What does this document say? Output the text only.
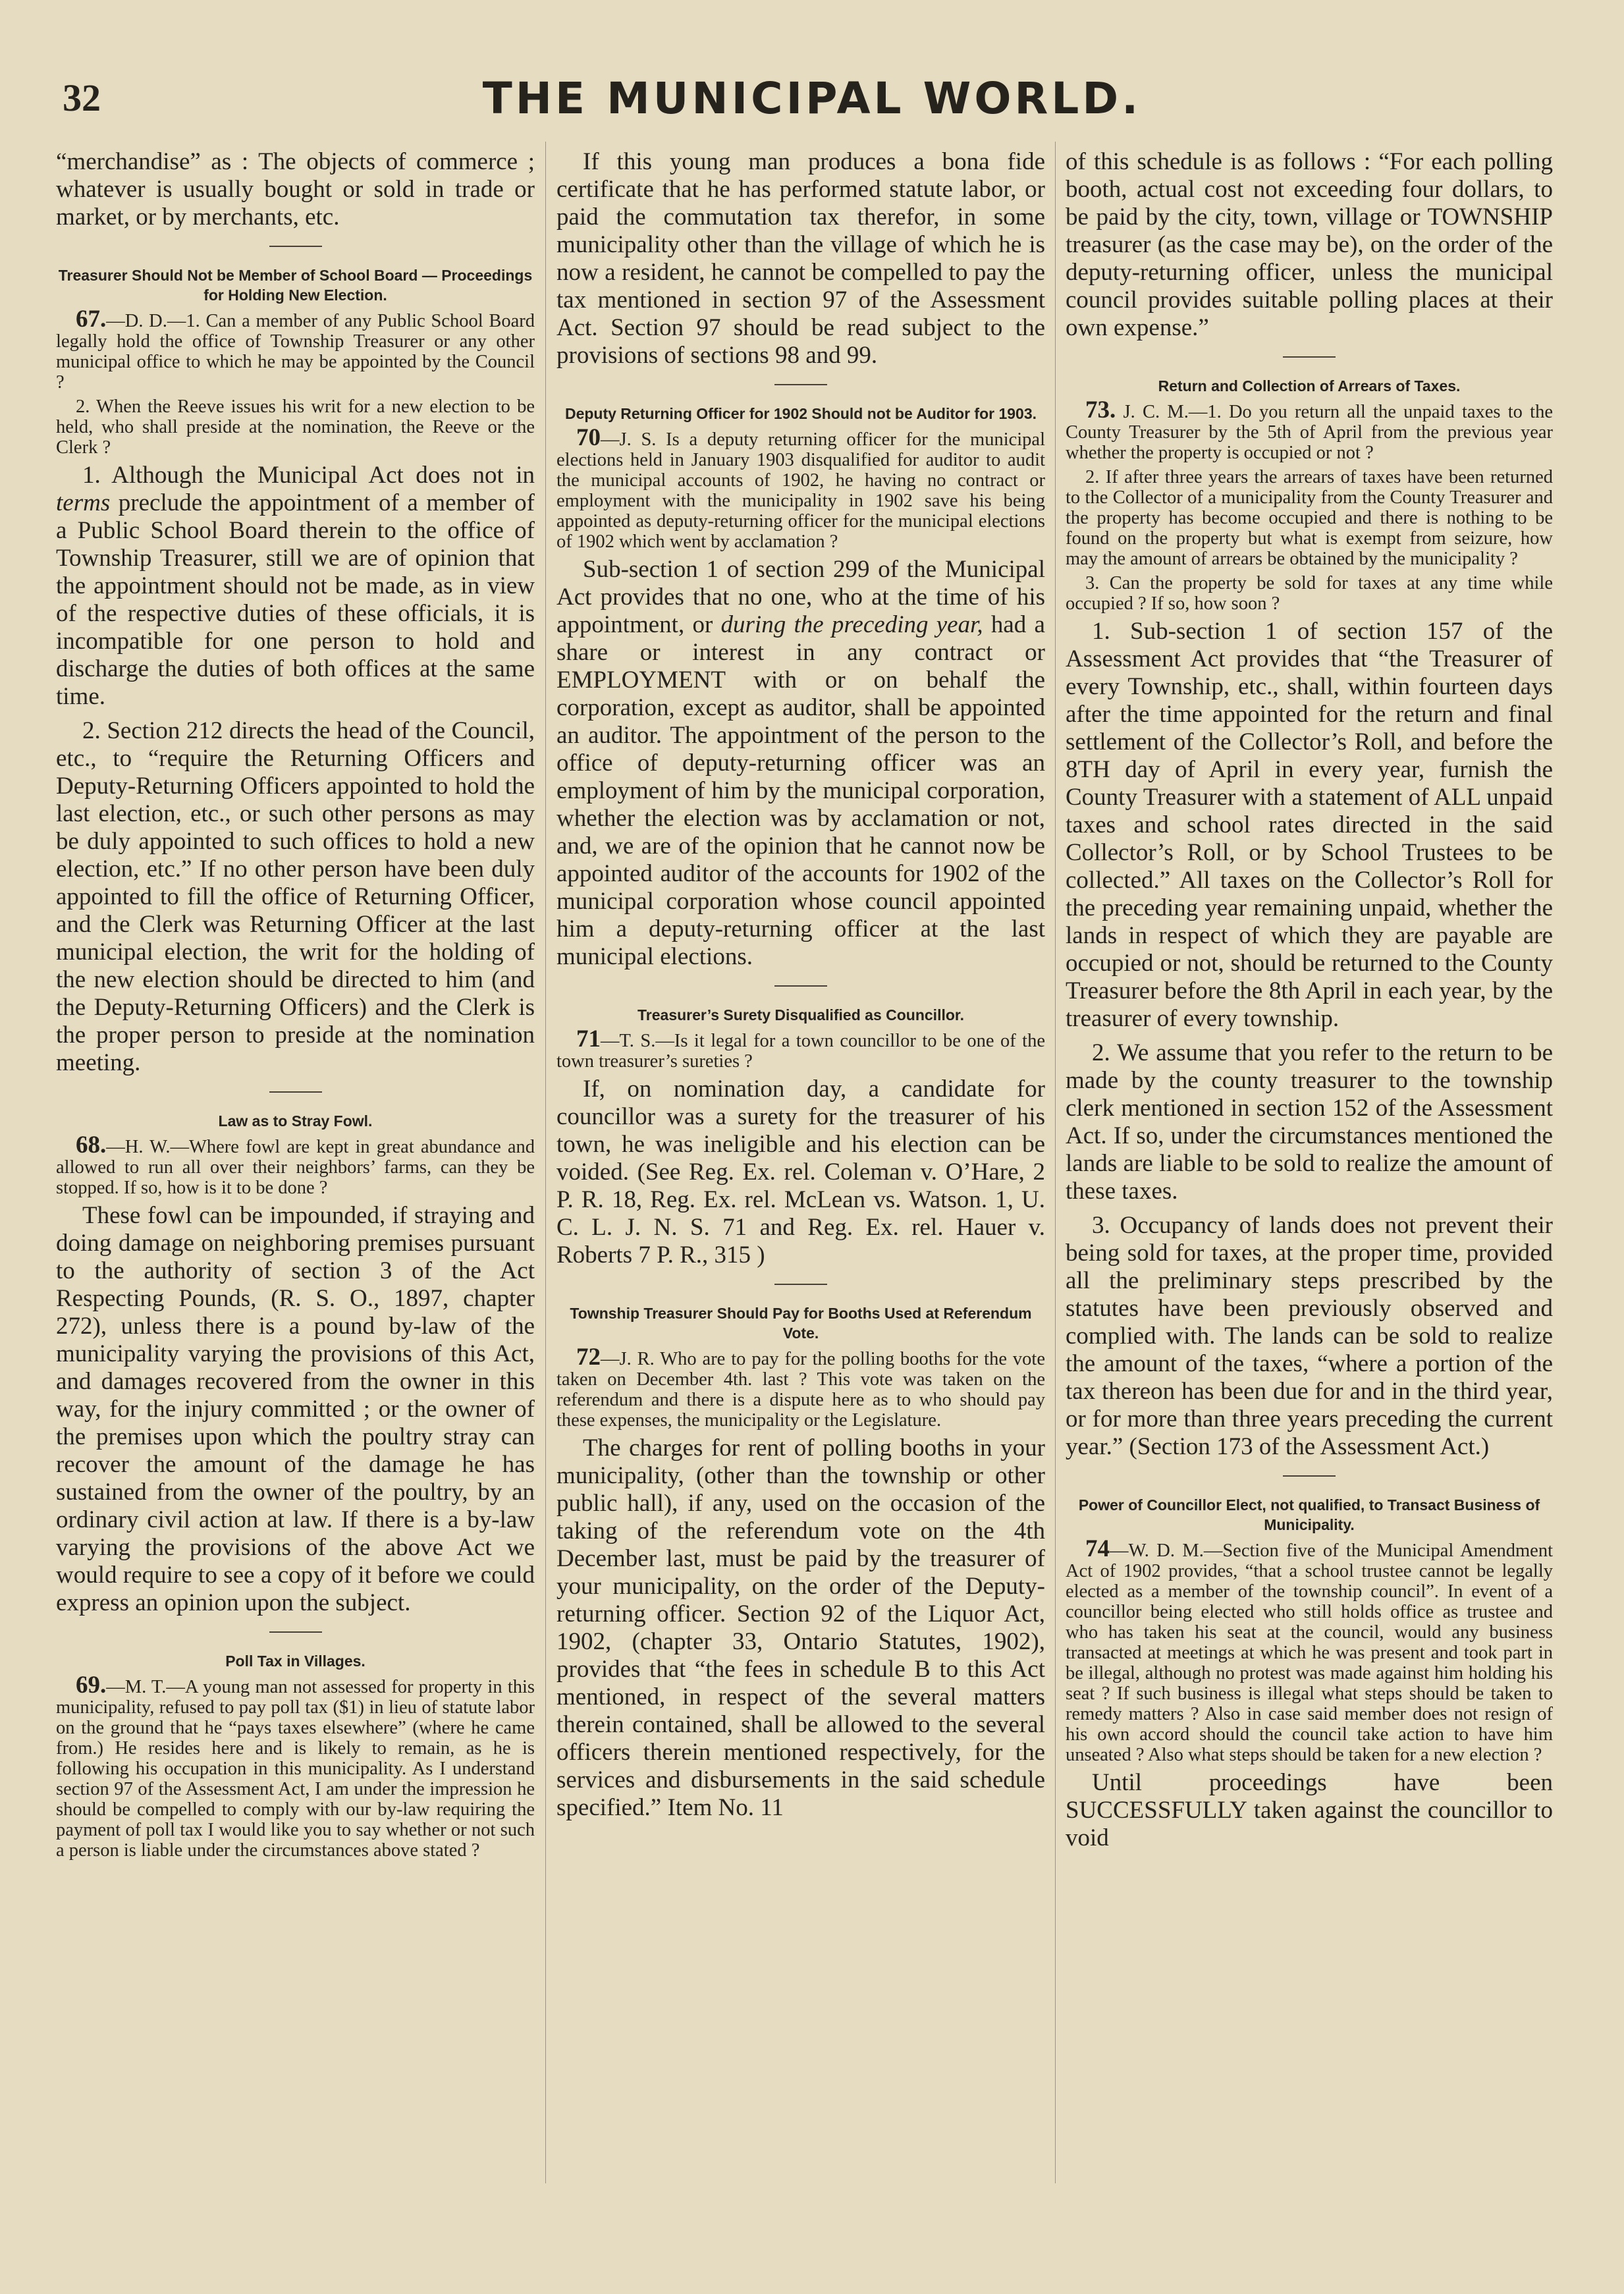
32	THE MUNICIPAL WORLD.

“merchandise” as : The objects of commerce ; whatever is usually bought or sold in trade or market, or by merchants, etc.

Treasurer Should Not be Member of School Board — Proceedings for Holding New Election.

67.—D. D.—1. Can a member of any Public School Board legally hold the office of Township Treasurer or any other municipal office to which he may be appointed by the Council ?

2. When the Reeve issues his writ for a new election to be held, who shall preside at the nomination, the Reeve or the Clerk ?

1. Although the Municipal Act does not in terms preclude the appointment of a member of a Public School Board therein to the office of Township Treasurer, still we are of opinion that the appointment should not be made, as in view of the respective duties of these officials, it is incompatible for one person to hold and discharge the duties of both offices at the same time.

2. Section 212 directs the head of the Council, etc., to “require the Returning Officers and Deputy-Returning Officers appointed to hold the last election, etc., or such other persons as may be duly appointed to such offices to hold a new election, etc.” If no other person have been duly appointed to fill the office of Returning Officer, and the Clerk was Returning Officer at the last municipal election, the writ for the holding of the new election should be directed to him (and the Deputy-Returning Officers) and the Clerk is the proper person to preside at the nomination meeting.

Law as to Stray Fowl.

68.—H. W.—Where fowl are kept in great abundance and allowed to run all over their neighbors’ farms, can they be stopped. If so, how is it to be done ?

These fowl can be impounded, if straying and doing damage on neighboring premises pursuant to the authority of section 3 of the Act Respecting Pounds, (R. S. O., 1897, chapter 272), unless there is a pound by-law of the municipality varying the provisions of this Act, and damages recovered from the owner in this way, for the injury committed ; or the owner of the premises upon which the poultry stray can recover the amount of the damage he has sustained from the owner of the poultry, by an ordinary civil action at law. If there is a by-law varying the provisions of the above Act we would require to see a copy of it before we could express an opinion upon the subject.

Poll Tax in Villages.

69.—M. T.—A young man not assessed for property in this municipality, refused to pay poll tax ($1) in lieu of statute labor on the ground that he “pays taxes elsewhere” (where he came from.) He resides here and is likely to remain, as he is following his occupation in this municipality. As I understand section 97 of the Assessment Act, I am under the impression he should be compelled to comply with our by-law requiring the payment of poll tax I would like you to say whether or not such a person is liable under the circumstances above stated ?

If this young man produces a bona fide certificate that he has performed statute labor, or paid the commutation tax therefor, in some municipality other than the village of which he is now a resident, he cannot be compelled to pay the tax mentioned in section 97 of the Assessment Act. Section 97 should be read subject to the provisions of sections 98 and 99.

Deputy Returning Officer for 1902 Should not be Auditor for 1903.

70—J. S. Is a deputy returning officer for the municipal elections held in January 1903 disqualified for auditor to audit the municipal accounts of 1902, he having no contract or employment with the municipality in 1902 save his being appointed as deputy-returning officer for the municipal elections of 1902 which went by acclamation ?

Sub-section 1 of section 299 of the Municipal Act provides that no one, who at the time of his appointment, or during the preceding year, had a share or interest in any contract or EMPLOYMENT with or on behalf the corporation, except as auditor, shall be appointed an auditor. The appointment of the person to the office of deputy-returning officer was an employment of him by the municipal corporation, whether the election was by acclamation or not, and, we are of the opinion that he cannot now be appointed auditor of the accounts for 1902 of the municipal corporation whose council appointed him a deputy-returning officer at the last municipal elections.

Treasurer’s Surety Disqualified as Councillor.

71—T. S.—Is it legal for a town councillor to be one of the town treasurer’s sureties ?

If, on nomination day, a candidate for councillor was a surety for the treasurer of his town, he was ineligible and his election can be voided. (See Reg. Ex. rel. Coleman v. O’Hare, 2 P. R. 18, Reg. Ex. rel. McLean vs. Watson. 1, U. C. L. J. N. S. 71 and Reg. Ex. rel. Hauer v. Roberts 7 P. R., 315 )

Township Treasurer Should Pay for Booths Used at Referendum Vote.

72—J. R. Who are to pay for the polling booths for the vote taken on December 4th. last ? This vote was taken on the referendum and there is a dispute here as to who should pay these expenses, the municipality or the Legislature.

The charges for rent of polling booths in your municipality, (other than the township or other public hall), if any, used on the occasion of the taking of the referendum vote on the 4th December last, must be paid by the treasurer of your municipality, on the order of the Deputy-returning officer. Section 92 of the Liquor Act, 1902, (chapter 33, Ontario Statutes, 1902), provides that “the fees in schedule B to this Act mentioned, in respect of the several matters therein contained, shall be allowed to the several officers therein mentioned respectively, for the services and disbursements in the said schedule specified.” Item No. 11

of this schedule is as follows : “For each polling booth, actual cost not exceeding four dollars, to be paid by the city, town, village or TOWNSHIP treasurer (as the case may be), on the order of the deputy-returning officer, unless the municipal council provides suitable polling places at their own expense.”

Return and Collection of Arrears of Taxes.

73. J. C. M.—1. Do you return all the unpaid taxes to the County Treasurer by the 5th of April from the previous year whether the property is occupied or not ?

2. If after three years the arrears of taxes have been returned to the Collector of a municipality from the County Treasurer and the property has become occupied and there is nothing to be found on the property but what is exempt from seizure, how may the amount of arrears be obtained by the municipality ?

3. Can the property be sold for taxes at any time while occupied ? If so, how soon ?

1. Sub-section 1 of section 157 of the Assessment Act provides that “the Treasurer of every Township, etc., shall, within fourteen days after the time appointed for the return and final settlement of the Collector’s Roll, and before the 8TH day of April in every year, furnish the County Treasurer with a statement of ALL unpaid taxes and school rates directed in the said Collector’s Roll, or by School Trustees to be collected.” All taxes on the Collector’s Roll for the preceding year remaining unpaid, whether the lands in respect of which they are payable are occupied or not, should be returned to the County Treasurer before the 8th April in each year, by the treasurer of every township.

2. We assume that you refer to the return to be made by the county treasurer to the township clerk mentioned in section 152 of the Assessment Act. If so, under the circumstances mentioned the lands are liable to be sold to realize the amount of these taxes.

3. Occupancy of lands does not prevent their being sold for taxes, at the proper time, provided all the preliminary steps prescribed by the statutes have been previously observed and complied with. The lands can be sold to realize the amount of the taxes, “where a portion of the tax thereon has been due for and in the third year, or for more than three years preceding the current year.” (Section 173 of the Assessment Act.)

Power of Councillor Elect, not qualified, to Transact Business of Municipality.

74—W. D. M.—Section five of the Municipal Amendment Act of 1902 provides, “that a school trustee cannot be legally elected as a member of the township council”. In event of a councillor being elected who still holds office as trustee and who has taken his seat at the council, would any business transacted at meetings at which he was present and took part in be illegal, although no protest was made against him holding his seat ? If such business is illegal what steps should be taken to remedy matters ? Also in case said member does not resign of his own accord should the council take action to have him unseated ? Also what steps should be taken for a new election ?

Until proceedings have been SUCCESSFULLY taken against the councillor to void
